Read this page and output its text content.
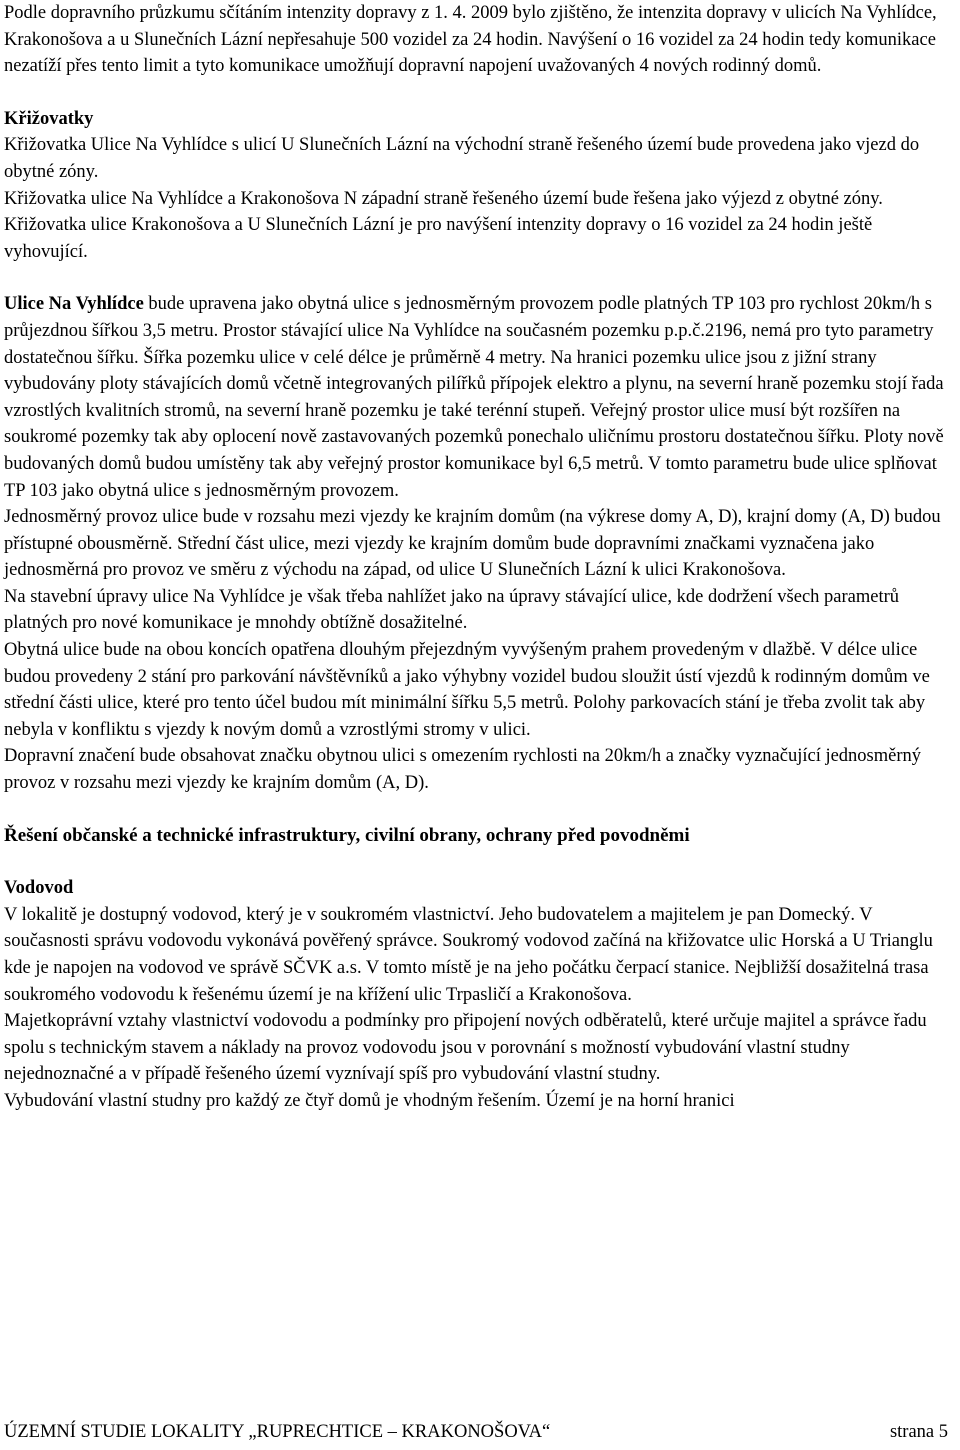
Podle dopravního průzkumu sčítáním intenzity dopravy z 1. 4. 2009 bylo zjištěno, že intenzita dopravy v ulicích Na Vyhlídce, Krakonošova a u Slunečních Lázní nepřesahuje 500 vozidel za 24 hodin. Navýšení o 16 vozidel za 24 hodin tedy komunikace nezatíží přes tento limit a tyto komunikace umožňují dopravní napojení uvažovaných 4 nových rodinný domů.

Křižovatky

Křižovatka Ulice Na Vyhlídce s ulicí U Slunečních Lázní na východní straně řešeného území bude provedena jako vjezd do obytné zóny.

Křižovatka ulice Na Vyhlídce a Krakonošova N západní straně řešeného území bude řešena jako výjezd z obytné zóny.

Křižovatka ulice Krakonošova a U Slunečních Lázní je pro navýšení intenzity dopravy o 16 vozidel za 24 hodin ještě vyhovující.

Ulice Na Vyhlídce bude upravena jako obytná ulice s jednosměrným provozem podle platných TP 103 pro rychlost 20km/h s průjezdnou šířkou 3,5 metru. Prostor stávající ulice Na Vyhlídce na současném pozemku p.p.č.2196, nemá pro tyto parametry dostatečnou šířku. Šířka pozemku ulice v celé délce je průměrně 4 metry. Na hranici pozemku ulice jsou z jižní strany vybudovány ploty stávajících domů včetně integrovaných pilířků přípojek elektro a plynu, na severní hraně pozemku stojí řada vzrostlých kvalitních stromů, na severní hraně pozemku je také terénní stupeň. Veřejný prostor ulice musí být rozšířen na soukromé pozemky tak aby oplocení nově zastavovaných pozemků ponechalo uličnímu prostoru dostatečnou šířku. Ploty nově budovaných domů budou umístěny tak aby veřejný prostor komunikace byl 6,5 metrů. V tomto parametru bude ulice splňovat TP 103 jako obytná ulice s jednosměrným provozem.

Jednosměrný provoz ulice bude v rozsahu mezi vjezdy ke krajním domům (na výkrese domy A, D), krajní domy (A, D) budou přístupné obousměrně. Střední část ulice, mezi vjezdy ke krajním domům bude dopravními značkami vyznačena jako jednosměrná pro provoz ve směru z východu na západ, od ulice U Slunečních Lázní k ulici Krakonošova.

Na stavební úpravy ulice Na Vyhlídce je však třeba nahlížet jako na úpravy stávající ulice, kde dodržení všech parametrů platných pro nové komunikace je mnohdy obtížně dosažitelné.

Obytná ulice bude na obou koncích opatřena dlouhým přejezdným vyvýšeným prahem provedeným v dlažbě. V délce ulice budou provedeny 2 stání pro parkování návštěvníků a jako výhybny vozidel budou sloužit ústí vjezdů k rodinným domům ve střední části ulice, které pro tento účel budou mít minimální šířku 5,5 metrů. Polohy parkovacích stání je třeba zvolit tak aby nebyla v konfliktu s vjezdy k novým domů a vzrostlými stromy v ulici.

Dopravní značení bude obsahovat značku obytnou ulici s omezením rychlosti na 20km/h a značky vyznačující jednosměrný provoz v rozsahu mezi vjezdy ke krajním domům (A, D).

Řešení občanské a technické infrastruktury, civilní obrany, ochrany před povodněmi

Vodovod

V lokalitě je dostupný vodovod, který je v soukromém vlastnictví. Jeho budovatelem a majitelem je pan Domecký. V současnosti správu vodovodu vykonává pověřený správce. Soukromý vodovod začíná na křižovatce ulic Horská a U Trianglu kde je napojen na vodovod ve správě SČVK a.s. V tomto místě je na jeho počátku čerpací stanice. Nejbližší dosažitelná trasa soukromého vodovodu k řešenému území je na křížení ulic Trpasličí a Krakonošova.

Majetkoprávní vztahy vlastnictví vodovodu a podmínky pro připojení nových odběratelů, které určuje majitel a správce řadu spolu s technickým stavem a náklady na provoz vodovodu jsou v porovnání s možností vybudování vlastní studny nejednoznačné a v případě řešeného území vyznívají spíš pro vybudování vlastní studny.

Vybudování vlastní studny pro každý ze čtyř domů je vhodným řešením. Území je na horní hranici

ÚZEMNÍ STUDIE LOKALITY „RUPRECHTICE – KRAKONOŠOVA“	strana 5
